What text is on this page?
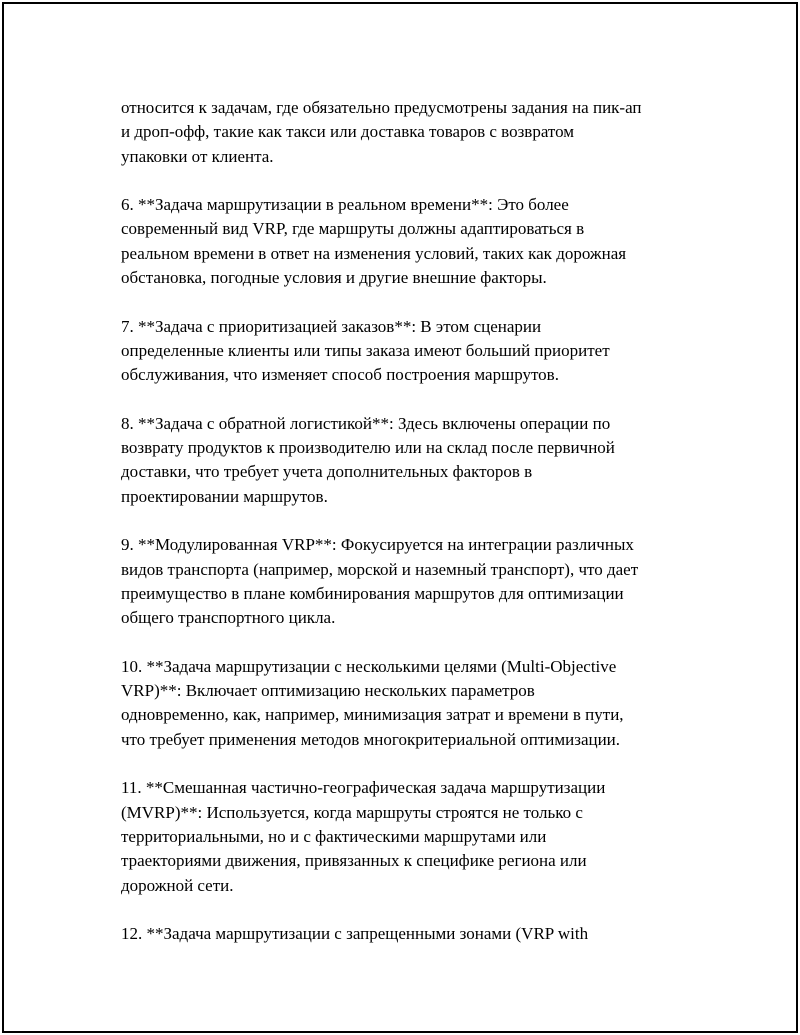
относится к задачам, где обязательно предусмотрены задания на пик-ап
и дроп-офф, такие как такси или доставка товаров с возвратом
упаковки от клиента.

6. **Задача маршрутизации в реальном времени**: Это более
современный вид VRP, где маршруты должны адаптироваться в
реальном времени в ответ на изменения условий, таких как дорожная
обстановка, погодные условия и другие внешние факторы.

7. **Задача с приоритизацией заказов**: В этом сценарии
определенные клиенты или типы заказа имеют больший приоритет
обслуживания, что изменяет способ построения маршрутов.

8. **Задача с обратной логистикой**: Здесь включены операции по
возврату продуктов к производителю или на склад после первичной
доставки, что требует учета дополнительных факторов в
проектировании маршрутов.

9. **Модулированная VRP**: Фокусируется на интеграции различных
видов транспорта (например, морской и наземный транспорт), что дает
преимущество в плане комбинирования маршрутов для оптимизации
общего транспортного цикла.

10. **Задача маршрутизации с несколькими целями (Multi-Objective
VRP)**: Включает оптимизацию нескольких параметров
одновременно, как, например, минимизация затрат и времени в пути,
что требует применения методов многокритериальной оптимизации.

11. **Смешанная частично-географическая задача маршрутизации
(MVRP)**: Используется, когда маршруты строятся не только с
территориальными, но и с фактическими маршрутами или
траекториями движения, привязанных к специфике региона или
дорожной сети.

12. **Задача маршрутизации с запрещенными зонами (VRP with
